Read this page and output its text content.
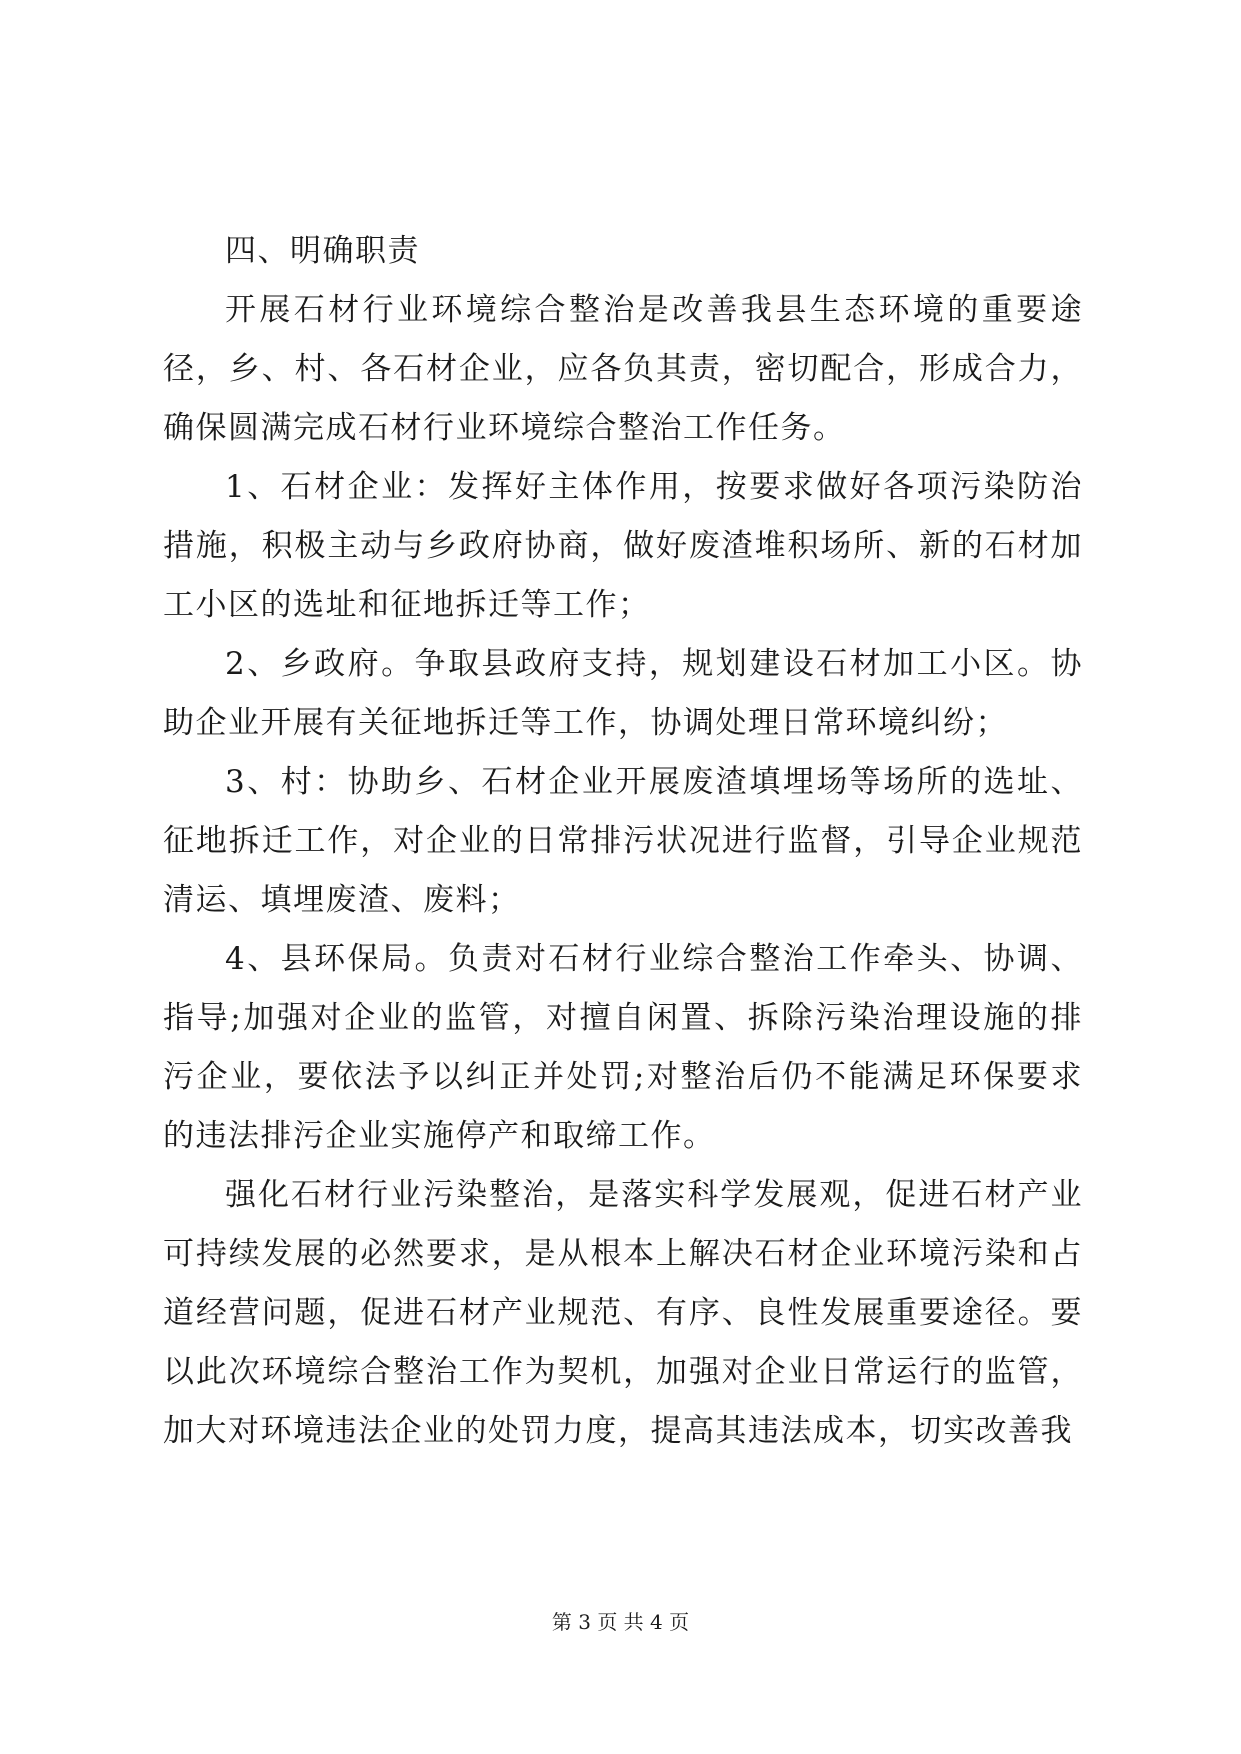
四、明确职责

开展石材行业环境综合整治是改善我县生态环境的重要途径，乡、村、各石材企业，应各负其责，密切配合，形成合力，确保圆满完成石材行业环境综合整治工作任务。

1、石材企业：发挥好主体作用，按要求做好各项污染防治措施，积极主动与乡政府协商，做好废渣堆积场所、新的石材加工小区的选址和征地拆迁等工作；

2、乡政府。争取县政府支持，规划建设石材加工小区。协助企业开展有关征地拆迁等工作，协调处理日常环境纠纷；

3、村：协助乡、石材企业开展废渣填埋场等场所的选址、征地拆迁工作，对企业的日常排污状况进行监督，引导企业规范清运、填埋废渣、废料；

4、县环保局。负责对石材行业综合整治工作牵头、协调、指导;加强对企业的监管，对擅自闲置、拆除污染治理设施的排污企业，要依法予以纠正并处罚;对整治后仍不能满足环保要求的违法排污企业实施停产和取缔工作。

强化石材行业污染整治，是落实科学发展观，促进石材产业可持续发展的必然要求，是从根本上解决石材企业环境污染和占道经营问题，促进石材产业规范、有序、良性发展重要途径。要以此次环境综合整治工作为契机，加强对企业日常运行的监管，加大对环境违法企业的处罚力度，提高其违法成本，切实改善我

第 3 页 共 4 页
